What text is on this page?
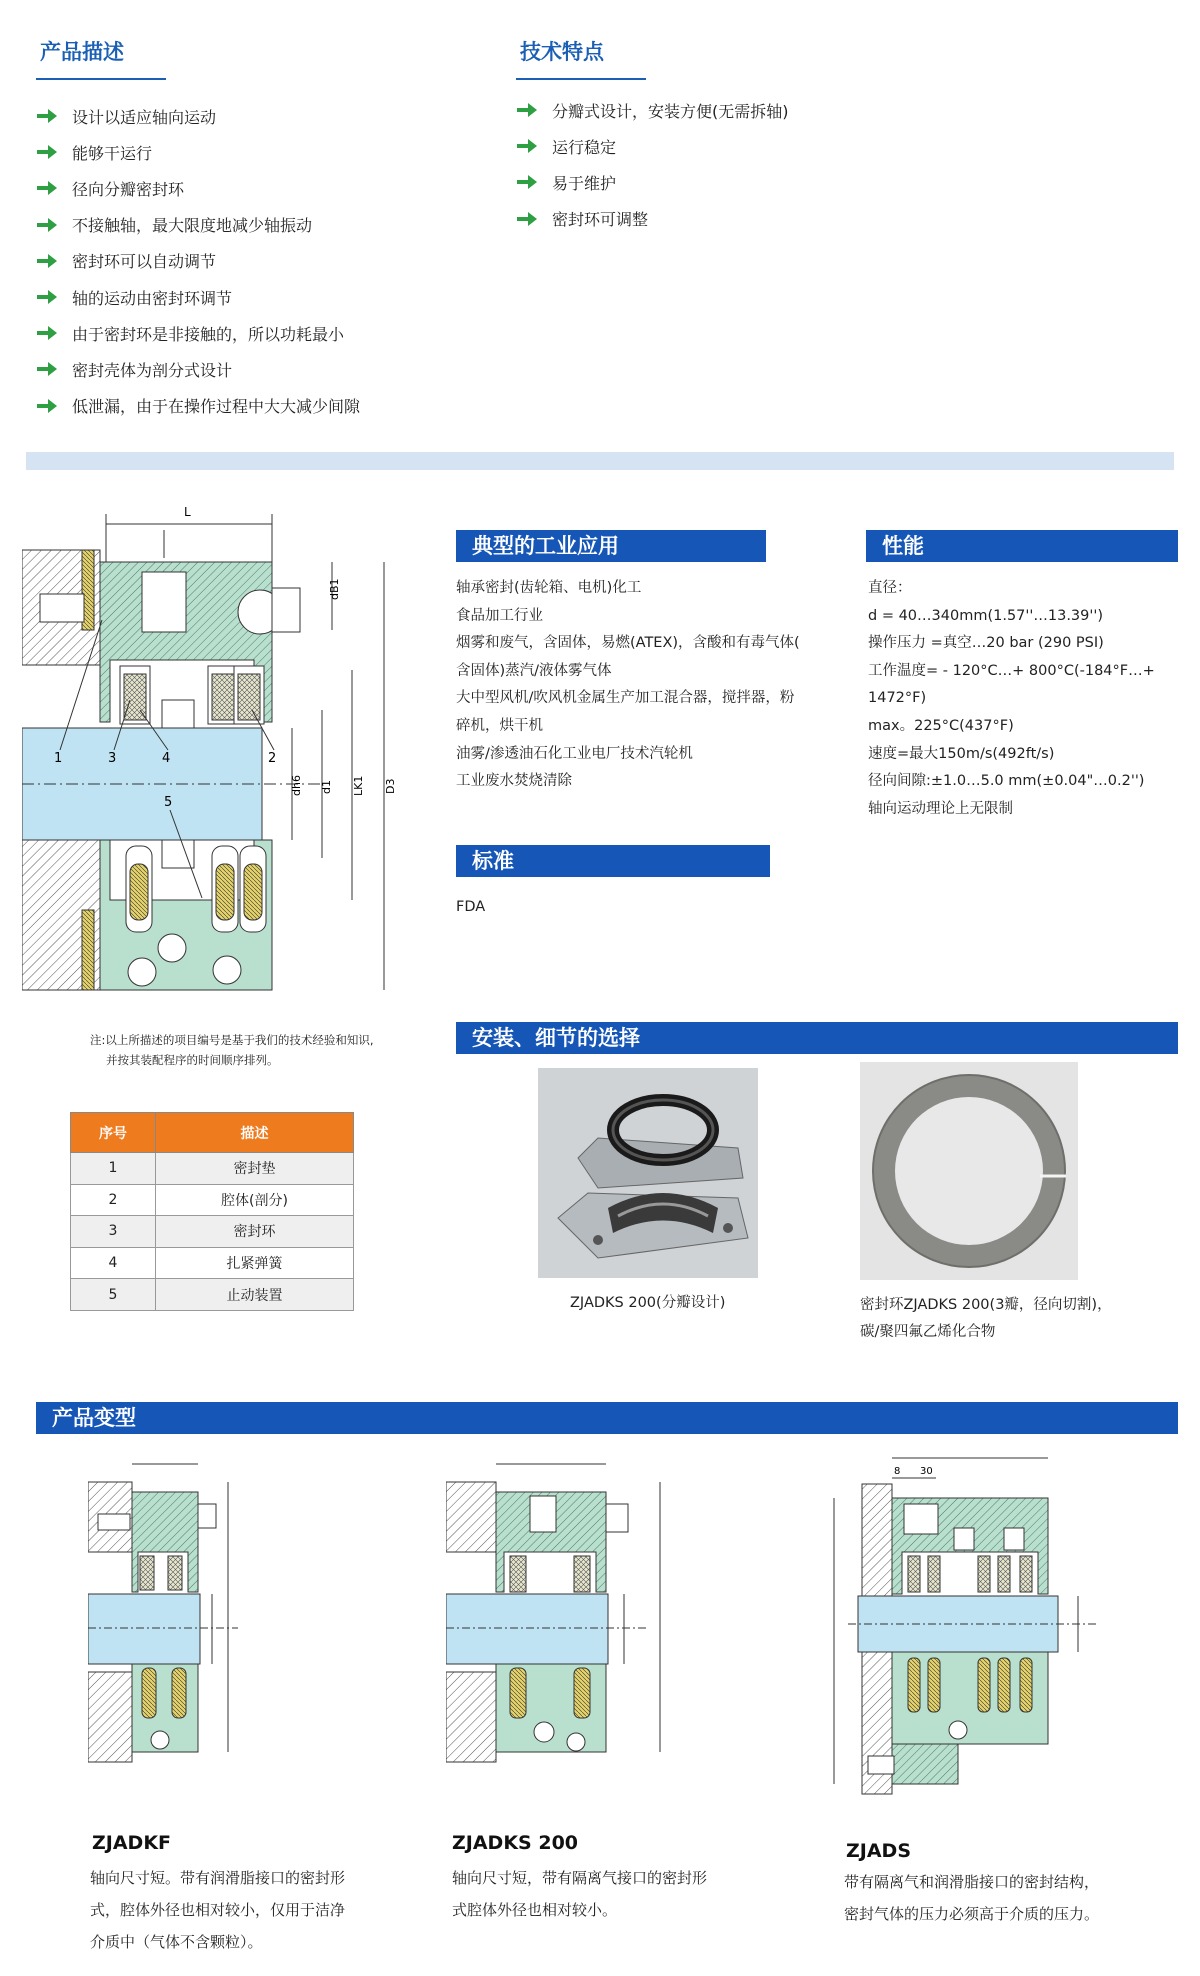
产品描述
设计以适应轴向运动
能够干运行
径向分瓣密封环
不接触轴，最大限度地减少轴振动
密封环可以自动调节
轴的运动由密封环调节
由于密封环是非接触的，所以功耗最小
密封壳体为剖分式设计
低泄漏，由于在操作过程中大大减少间隙
技术特点
分瓣式设计，安装方便(无需拆轴)
运行稳定
易于维护
密封环可调整
L
dB1
dh6 d1 LK1 D3
1	3	4	2
5
典型的工业应用
轴承密封(齿轮箱、电机)化工
食品加工行业
烟雾和废气，含固体，易燃(ATEX)，含酸和有毒气体(
含固体)蒸汽/液体雾气体
大中型风机/吹风机金属生产加工混合器，搅拌器，粉
碎机，烘干机
油雾/渗透油石化工业电厂技术汽轮机
工业废水焚烧清除
性能
直径：
d = 40…340mm(1.57''…13.39'')
操作压力 =真空…20 bar (290 PSI)
工作温度= - 120°C…+ 800°C(-184°F…+
1472°F)
max。225°C(437°F)
速度=最大150m/s(492ft/s)
径向间隙:±1.0…5.0 mm(±0.04"…0.2'')
轴向运动理论上无限制
标准
FDA
注:以上所描述的项目编号是基于我们的技术经验和知识,
并按其装配程序的时间顺序排列。
序号	描述
1	密封垫
2	腔体(剖分)
3	密封环
4	扎紧弹簧
5	止动装置
安装、细节的选择
ZJADKS 200(分瓣设计)	密封环ZJADKS 200(3瓣，径向切割)，
碳/聚四氟乙烯化合物
产品变型
ZJADKF
轴向尺寸短。带有润滑脂接口的密封形
式，腔体外径也相对较小，仅用于洁净
介质中（气体不含颗粒）。
ZJADKS 200
轴向尺寸短，带有隔离气接口的密封形
式腔体外径也相对较小。
8 30
ZJADS
带有隔离气和润滑脂接口的密封结构，
密封气体的压力必须高于介质的压力。
